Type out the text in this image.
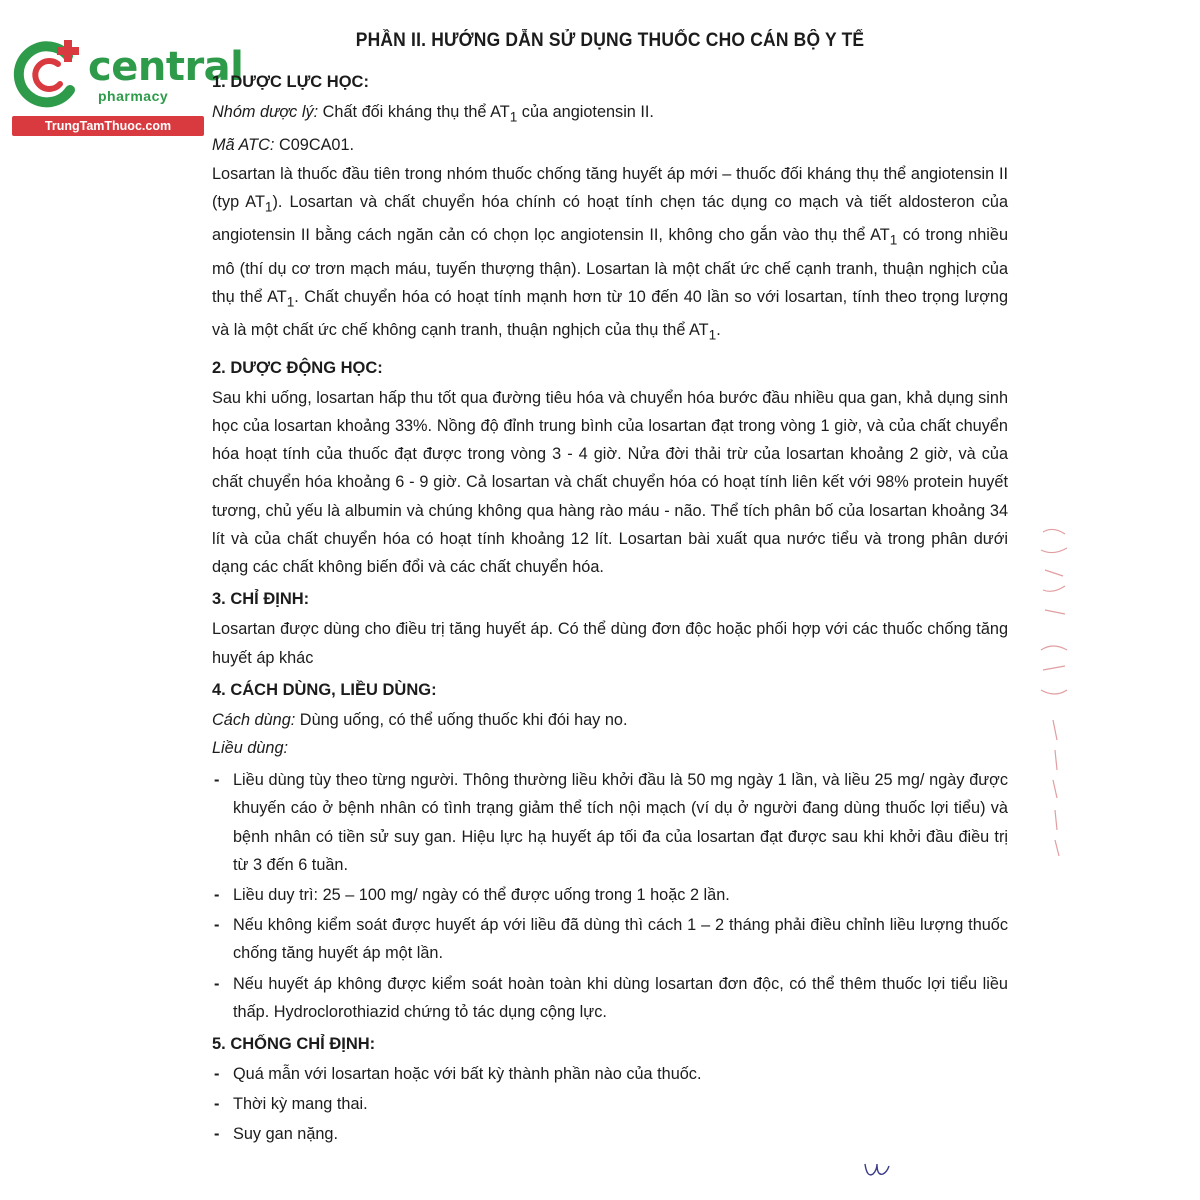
central
pharmacy
TrungTamThuoc.com
PHẦN II. HƯỚNG DẪN SỬ DỤNG THUỐC CHO CÁN BỘ Y TẾ
1. DƯỢC LỰC HỌC:

Nhóm dược lý: Chất đối kháng thụ thể $AT_1$ của angiotensin II.

Mã ATC: C09CA01.

Losartan là thuốc đầu tiên trong nhóm thuốc chống tăng huyết áp mới – thuốc đối kháng thụ thể angiotensin II (typ $AT_1$). Losartan và chất chuyển hóa chính có hoạt tính chẹn tác dụng co mạch và tiết aldosteron của angiotensin II bằng cách ngăn cản có chọn lọc angiotensin II, không cho gắn vào thụ thể $AT_1$ có trong nhiều mô (thí dụ cơ trơn mạch máu, tuyến thượng thận). Losartan là một chất ức chế cạnh tranh, thuận nghịch của thụ thể $AT_1$. Chất chuyển hóa có hoạt tính mạnh hơn từ 10 đến 40 lần so với losartan, tính theo trọng lượng và là một chất ức chế không cạnh tranh, thuận nghịch của thụ thể $AT_1$.

2. DƯỢC ĐỘNG HỌC:

Sau khi uống, losartan hấp thu tốt qua đường tiêu hóa và chuyển hóa bước đầu nhiều qua gan, khả dụng sinh học của losartan khoảng 33%. Nồng độ đỉnh trung bình của losartan đạt trong vòng 1 giờ, và của chất chuyển hóa hoạt tính của thuốc đạt được trong vòng 3 - 4 giờ. Nửa đời thải trừ của losartan khoảng 2 giờ, và của chất chuyển hóa khoảng 6 - 9 giờ. Cả losartan và chất chuyển hóa có hoạt tính liên kết với 98% protein huyết tương, chủ yếu là albumin và chúng không qua hàng rào máu - não. Thể tích phân bố của losartan khoảng 34 lít và của chất chuyển hóa có hoạt tính khoảng 12 lít. Losartan bài xuất qua nước tiểu và trong phân dưới dạng các chất không biến đổi và các chất chuyển hóa.

3. CHỈ ĐỊNH:

Losartan được dùng cho điều trị tăng huyết áp. Có thể dùng đơn độc hoặc phối hợp với các thuốc chống tăng huyết áp khác

4. CÁCH DÙNG, LIỀU DÙNG:

Cách dùng: Dùng uống, có thể uống thuốc khi đói hay no.

Liều dùng:

- Liều dùng tùy theo từng người. Thông thường liều khởi đầu là 50 mg ngày 1 lần, và liều 25 mg/ ngày được khuyến cáo ở bệnh nhân có tình trạng giảm thể tích nội mạch (ví dụ ở người đang dùng thuốc lợi tiểu) và bệnh nhân có tiền sử suy gan. Hiệu lực hạ huyết áp tối đa của losartan đạt được sau khi khởi đầu điều trị từ 3 đến 6 tuần.
- Liều duy trì: 25 – 100 mg/ ngày có thể được uống trong 1 hoặc 2 lần.
- Nếu không kiểm soát được huyết áp với liều đã dùng thì cách 1 – 2 tháng phải điều chỉnh liều lượng thuốc chống tăng huyết áp một lần.
- Nếu huyết áp không được kiểm soát hoàn toàn khi dùng losartan đơn độc, có thể thêm thuốc lợi tiểu liều thấp. Hydroclorothiazid chứng tỏ tác dụng cộng lực.
5. CHỐNG CHỈ ĐỊNH:
- Quá mẫn với losartan hoặc với bất kỳ thành phần nào của thuốc.
- Thời kỳ mang thai.
- Suy gan nặng.
